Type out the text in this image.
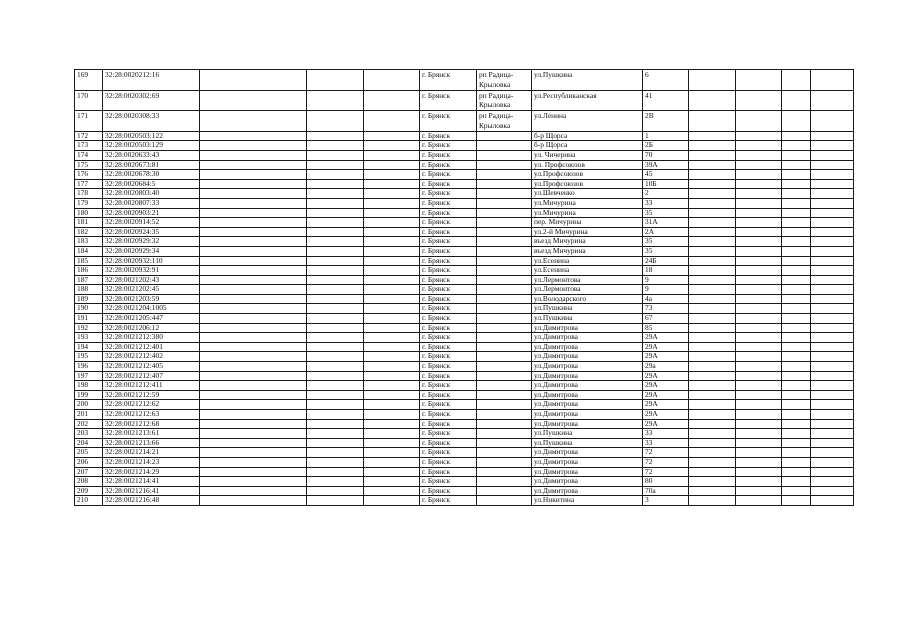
169	32:28:0020212:16				г. Брянск	рп Радица-Крыловка	ул.Пушкина	6				
170	32:28:0020302:69				г. Брянск	рп Радица-Крыловка	ул.Республиканская	41				
171	32:28:0020308:33				г. Брянск	рп Радица-Крыловка	ул.Ленина	2В				
172	32:28:0020503:122				г. Брянск		б-р Щорса	1				
173	32:28:0020503:129				г. Брянск		б-р Щорса	2Б				
174	32:28:0020633:43				г. Брянск		ул. Чичерина	70				
175	32:28:0020673:81				г. Брянск		ул. Профсоюзов	39А				
176	32:28:0020678:30				г. Брянск		ул.Профсоюзов	45				
177	32:28:0020684:5				г. Брянск		ул.Профсоюзов	10Б				
178	32:28:0020803:40				г. Брянск		ул.Шевченко	2				
179	32:28:0020807:33				г. Брянск		ул.Мичурина	33				
180	32:28:0020903:21				г. Брянск		ул.Мичурина	35				
181	32:28:0020914:52				г. Брянск		пер. Мичурина	31А				
182	32:28:0020924:35				г. Брянск		ул.2-й Мичурина	2А				
183	32:28:0020929:32				г. Брянск		въезд Мичурина	35				
184	32:28:0020929:34				г. Брянск		въезд Мичурина	35				
185	32:28:0020932:110				г. Брянск		ул.Есенина	24Б				
186	32:28:0020932:91				г. Брянск		ул.Есенина	18				
187	32:28:0021202:43				г. Брянск		ул.Лермонтова	9				
188	32:28:0021202:45				г. Брянск		ул.Лермонтова	9				
189	32:28:0021203:59				г. Брянск		ул.Володарского	4а				
190	32:28:0021204:1005				г. Брянск		ул.Пушкина	73				
191	32:28:0021205:447				г. Брянск		ул.Пушкина	67				
192	32:28:0021206:12				г. Брянск		ул.Димитрова	85				
193	32:28:0021212:380				г. Брянск		ул.Димитрова	29А				
194	32:28:0021212:401				г. Брянск		ул.Димитрова	29А				
195	32:28:0021212:402				г. Брянск		ул.Димитрова	29А				
196	32:28:0021212:405				г. Брянск		ул.Димитрова	29а				
197	32:28:0021212:407				г. Брянск		ул.Димитрова	29А				
198	32:28:0021212:411				г. Брянск		ул.Димитрова	29А				
199	32:28:0021212:59				г. Брянск		ул.Димитрова	29А				
200	32:28:0021212:62				г. Брянск		ул.Димитрова	29А				
201	32:28:0021212:63				г. Брянск		ул.Димитрова	29А				
202	32:28:0021212:68				г. Брянск		ул.Димитрова	29А				
203	32:28:0021213:61				г. Брянск		ул.Пушкина	33				
204	32:28:0021213:66				г. Брянск		ул.Пушкина	33				
205	32:28:0021214:21				г. Брянск		ул.Димитрова	72				
206	32:28:0021214:23				г. Брянск		ул.Димитрова	72				
207	32:28:0021214:29				г. Брянск		ул.Димитрова	72				
208	32:28:0021214:41				г. Брянск		ул.Димитрова	80				
209	32:28:0021216:41				г. Брянск		ул.Димитрова	70а				
210	32:28:0021216:48				г. Брянск		ул.Никитина	3				
